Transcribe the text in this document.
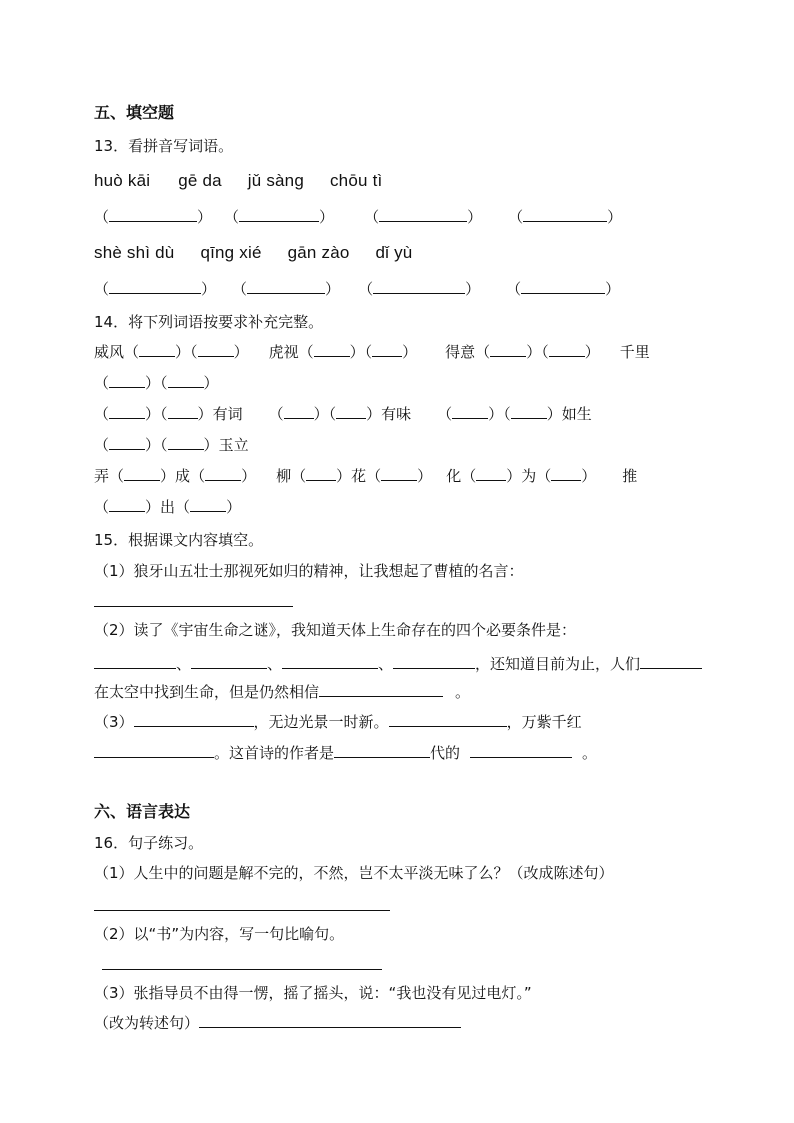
五、填空题
13．看拼音写词语。
huò kāi gē da jǔ sàng chōu tì
（	） （	） （	） （	）
shè shì dù qīng xié gān zào dǐ yù
（	） （	） （	） （	）
14．将下列词语按要求补充完整。
威风（ ）（ ） 虎视（ ）（ ） 得意（ ）（ ） 千里
（ ）（ ）
（ ）（ ）有词 （ ）（ ）有味 （ ）（ ）如生
（ ）（ ）玉立
弄（ ）成（ ） 柳（ ）花（ ） 化（ ）为（ ） 推
（ ）出（ ）
15．根据课文内容填空。
（1）狼牙山五壮士那视死如归的精神，让我想起了曹植的名言：
（2）读了《宇宙生命之谜》，我知道天体上生命存在的四个必要条件是：
、	、	、	，还知道目前为止，人们
在太空中找到生命，但是仍然相信	。
（3）	，无边光景一时新。	，万紫千红
。这首诗的作者是	代的	。
六、语言表达
16．句子练习。
（1）人生中的问题是解不完的，不然，岂不太平淡无味了么？（改成陈述句）
（2）以“书”为内容，写一句比喻句。
（3）张指导员不由得一愣，摇了摇头，说：“我也没有见过电灯。”
（改为转述句）
